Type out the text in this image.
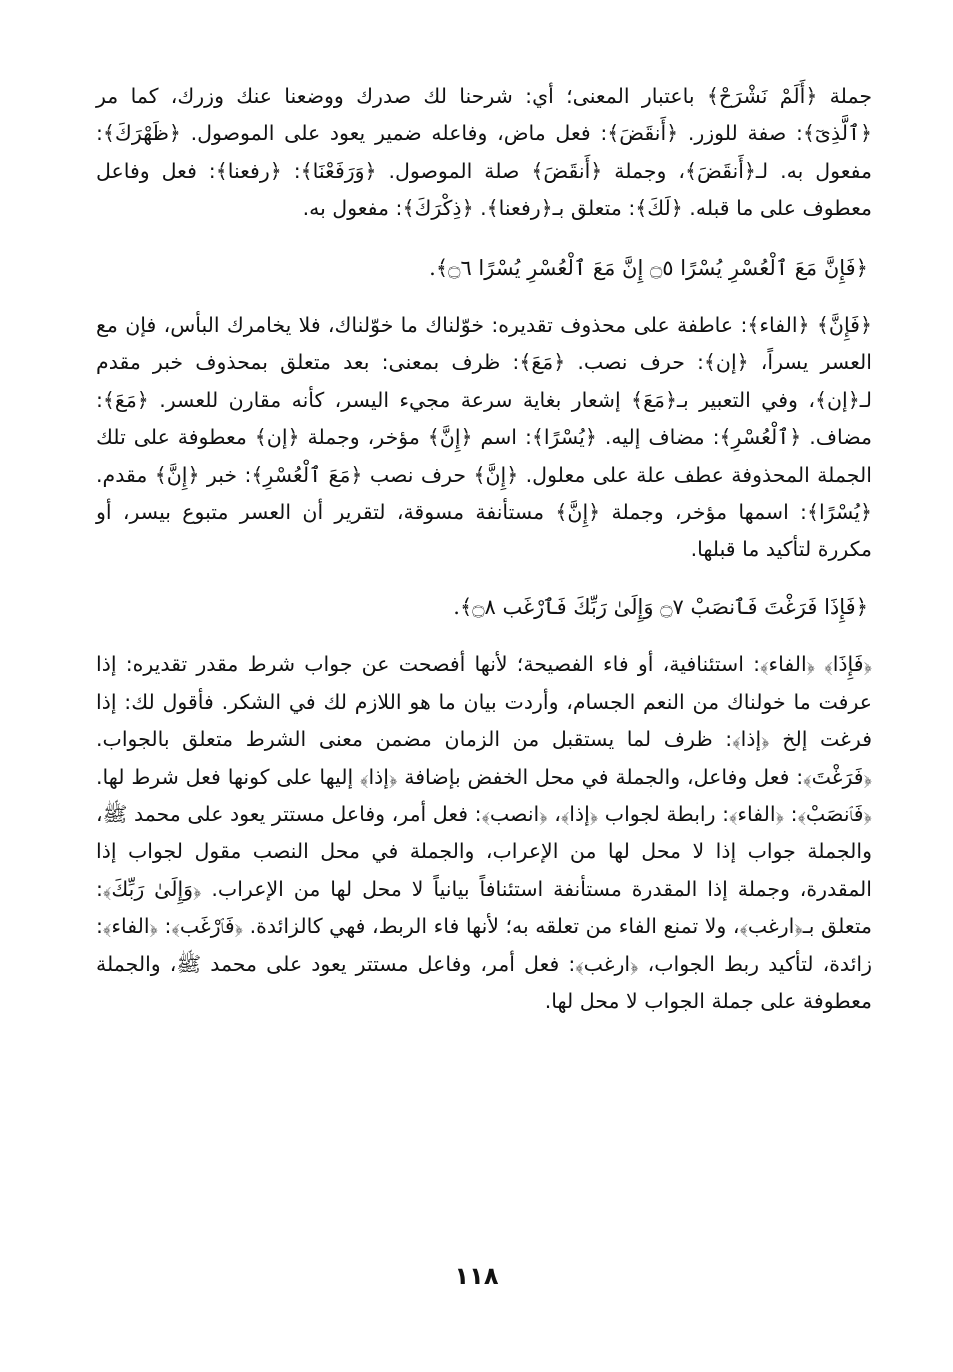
جملة ﴿أَلَمْ نَشْرَحْ﴾ باعتبار المعنى؛ أي: شرحنا لك صدرك ووضعنا عنك وزرك، كما مر ﴿ٱلَّذِىٓ﴾: صفة للوزر. ﴿أَنقَضَ﴾: فعل ماض، وفاعله ضمير يعود على الموصول. ﴿ظَهْرَكَ﴾: مفعول به. لـ﴿أَنقَضَ﴾، وجملة ﴿أَنقَضَ﴾ صلة الموصول. ﴿وَرَفَعْنَا﴾: ﴿رفعنا﴾: فعل وفاعل معطوف على ما قبله. ﴿لَكَ﴾: متعلق بـ﴿رفعنا﴾. ﴿ذِكْرَكَ﴾: مفعول به.

﴿فَإِنَّ مَعَ ٱلْعُسْرِ يُسْرًا ۝٥ إِنَّ مَعَ ٱلْعُسْرِ يُسْرًا ۝٦﴾.

﴿فَإِنَّ﴾ ﴿الفاء﴾: عاطفة على محذوف تقديره: خوّلناك ما خوّلناك، فلا يخامرك البأس، فإن مع العسر يسراً، ﴿إن﴾: حرف نصب. ﴿مَعَ﴾: ظرف بمعنى: بعد متعلق بمحذوف خبر مقدم لـ﴿إن﴾، وفي التعبير بـ﴿مَعَ﴾ إشعار بغاية سرعة مجيء اليسر، كأنه مقارن للعسر. ﴿مَعَ﴾: مضاف. ﴿ٱلْعُسْرِ﴾: مضاف إليه. ﴿يُسْرًا﴾: اسم ﴿إِنَّ﴾ مؤخر، وجملة ﴿إن﴾ معطوفة على تلك الجملة المحذوفة عطف علة على معلول. ﴿إِنَّ﴾ حرف نصب ﴿مَعَ ٱلْعُسْرِ﴾: خبر ﴿إِنَّ﴾ مقدم. ﴿يُسْرًا﴾: اسمها مؤخر، وجملة ﴿إِنَّ﴾ مستأنفة مسوقة، لتقرير أن العسر متبوع بيسر، أو مكررة لتأكيد ما قبلها.

﴿فَإِذَا فَرَغْتَ فَٱنصَبْ ۝٧ وَإِلَىٰ رَبِّكَ فَٱرْغَب ۝٨﴾.

﴿فَإِذَا﴾ ﴿الفاء﴾: استئنافية، أو فاء الفصيحة؛ لأنها أفصحت عن جواب شرط مقدر تقديره: إذا عرفت ما خولناك من النعم الجسام، وأردت بيان ما هو اللازم لك في الشكر. فأقول لك: إذا فرغت إلخ ﴿إذا﴾: ظرف لما يستقبل من الزمان مضمن معنى الشرط متعلق بالجواب. ﴿فَرَغْتَ﴾: فعل وفاعل، والجملة في محل الخفض بإضافة ﴿إذا﴾ إليها على كونها فعل شرط لها. ﴿فَٱنصَبْ﴾: ﴿الفاء﴾: رابطة لجواب ﴿إذا﴾، ﴿انصب﴾: فعل أمر، وفاعل مستتر يعود على محمد ﷺ، والجملة جواب إذا لا محل لها من الإعراب، والجملة في محل النصب مقول لجواب إذا المقدرة، وجملة إذا المقدرة مستأنفة استئنافاً بيانياً لا محل لها من الإعراب. ﴿وَإِلَىٰ رَبِّكَ﴾: متعلق بـ﴿ارغب﴾، ولا تمنع الفاء من تعلقه به؛ لأنها فاء الربط، فهي كالزائدة. ﴿فَٱرْغَب﴾: ﴿الفاء﴾: زائدة، لتأكيد ربط الجواب، ﴿ارغب﴾: فعل أمر، وفاعل مستتر يعود على محمد ﷺ، والجملة معطوفة على جملة الجواب لا محل لها.

١١٨
